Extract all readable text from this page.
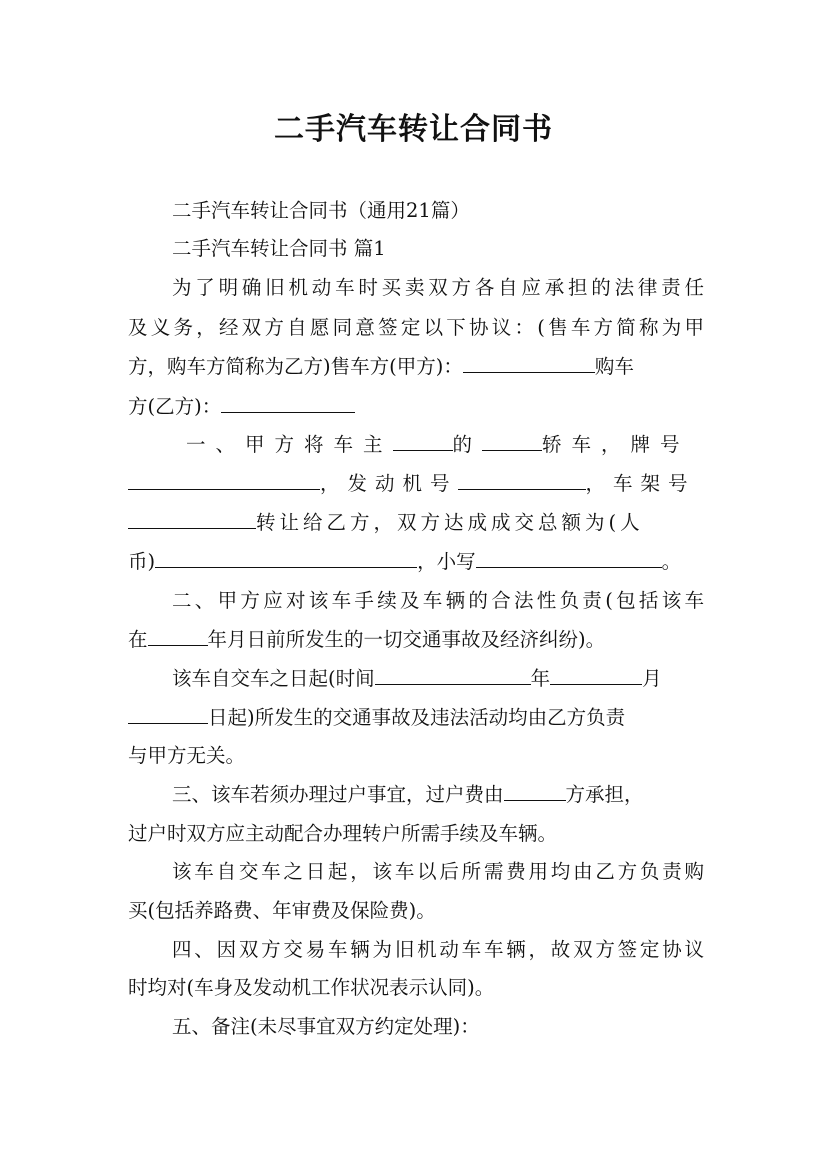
二手汽车转让合同书
二手汽车转让合同书（通用21篇）
二手汽车转让合同书 篇1
为了明确旧机动车时买卖双方各自应承担的法律责任
及义务，经双方自愿同意签定以下协议：(售车方简称为甲
方，购车方简称为乙方)售车方(甲方)：	购车
方(乙方)：
一、甲方将车主	的	轿车，牌号
，发动机号	，车架号
转让给乙方，双方达成成交总额为(人
币)	，小写	。
二、甲方应对该车手续及车辆的合法性负责(包括该车
在	年月日前所发生的一切交通事故及经济纠纷)。
该车自交车之日起(时间	年	月
日起)所发生的交通事故及违法活动均由乙方负责
与甲方无关。
三、该车若须办理过户事宜，过户费由	方承担，
过户时双方应主动配合办理转户所需手续及车辆。
该车自交车之日起，该车以后所需费用均由乙方负责购
买(包括养路费、年审费及保险费)。
四、因双方交易车辆为旧机动车车辆，故双方签定协议
时均对(车身及发动机工作状况表示认同)。
五、备注(未尽事宜双方约定处理)：
